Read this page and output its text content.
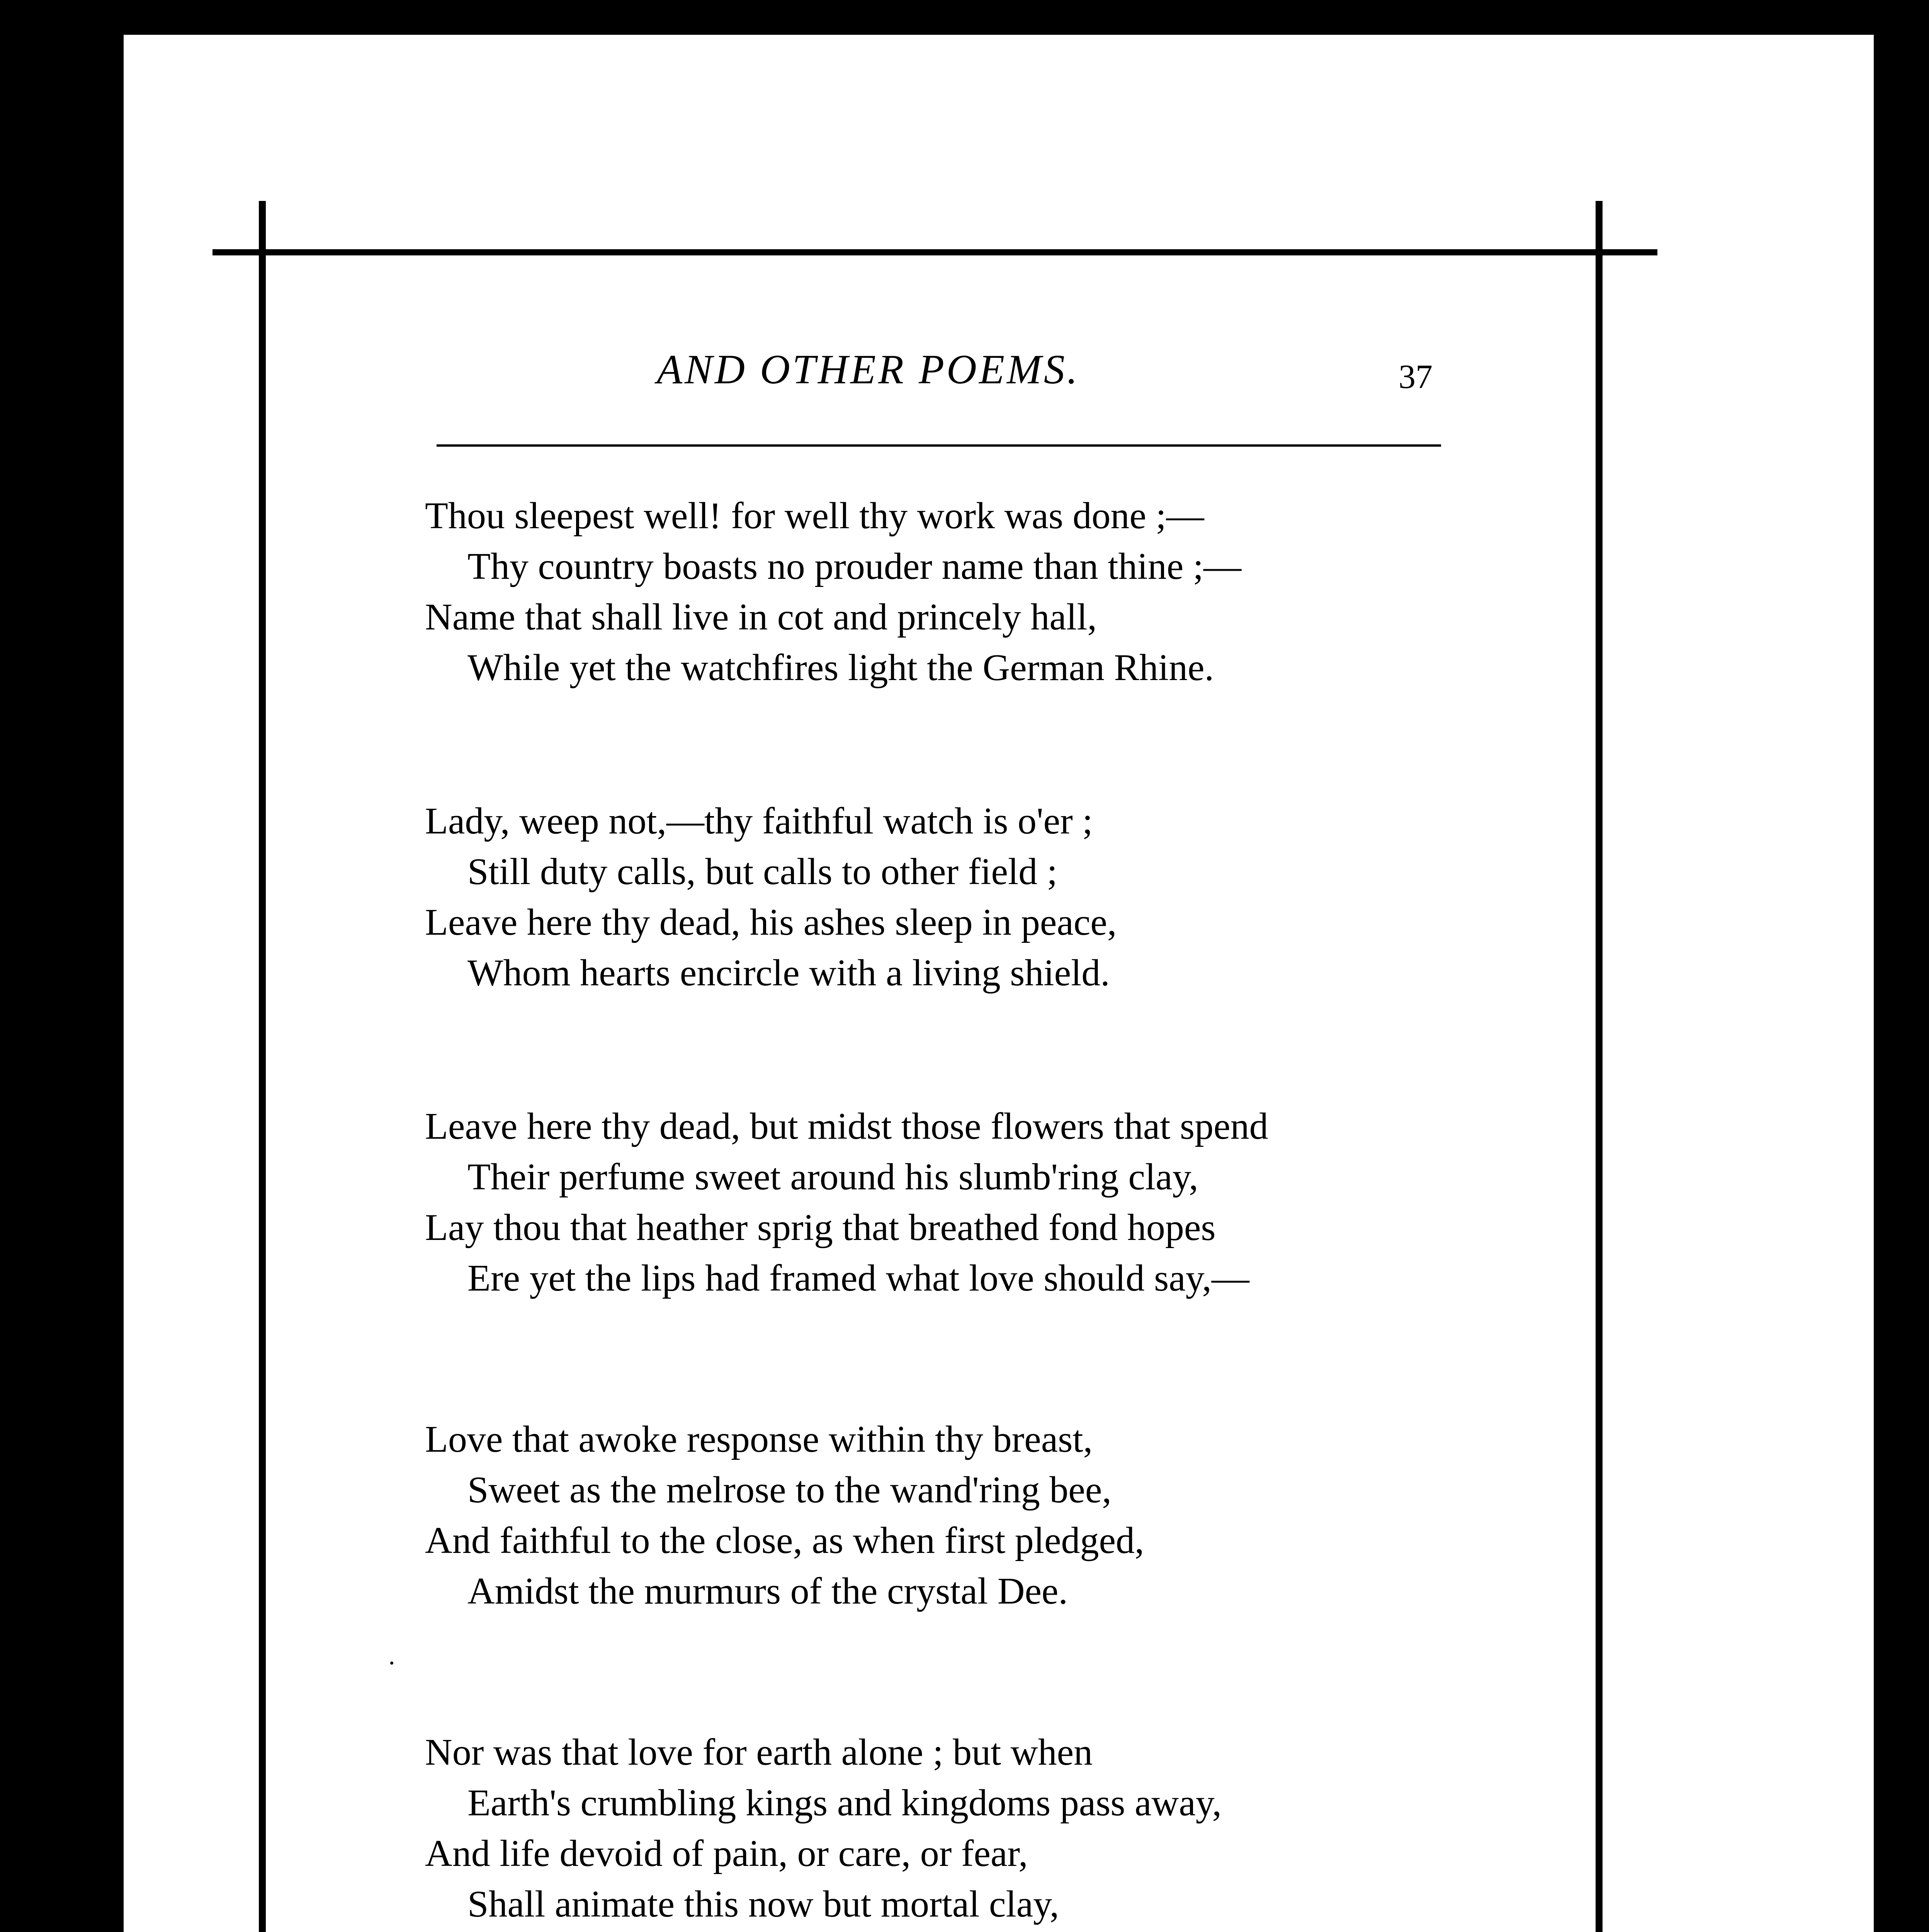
AND OTHER POEMS.	37
Thou sleepest well! for well thy work was done ;—
Thy country boasts no prouder name than thine ;—
Name that shall live in cot and princely hall,
While yet the watchfires light the German Rhine.
Lady, weep not,—thy faithful watch is o'er ;
Still duty calls, but calls to other field ;
Leave here thy dead, his ashes sleep in peace,
Whom hearts encircle with a living shield.
Leave here thy dead, but midst those flowers that spend
Their perfume sweet around his slumb'ring clay,
Lay thou that heather sprig that breathed fond hopes
Ere yet the lips had framed what love should say,—
Love that awoke response within thy breast,
Sweet as the melrose to the wand'ring bee,
And faithful to the close, as when first pledged,
Amidst the murmurs of the crystal Dee.
Nor was that love for earth alone ; but when
Earth's crumbling kings and kingdoms pass away,
And life devoid of pain, or care, or fear,
Shall animate this now but mortal clay,
